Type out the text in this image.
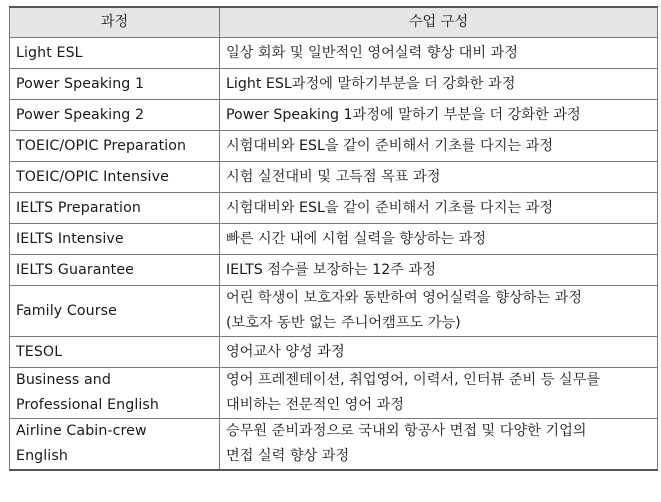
과정	수업 구성

Light ESL	일상 회화 및 일반적인 영어실력 향상 대비 과정

Power Speaking 1	Light ESL과정에 말하기부분을 더 강화한 과정

Power Speaking 2	Power Speaking 1과정에 말하기 부분을 더 강화한 과정

TOEIC/OPIC Preparation	시험대비와 ESL을 같이 준비해서 기초를 다지는 과정

TOEIC/OPIC Intensive	시험 실전대비 및 고득점 목표 과정

IELTS Preparation	시험대비와 ESL을 같이 준비해서 기초를 다지는 과정

IELTS Intensive	빠른 시간 내에 시험 실력을 향상하는 과정

IELTS Guarantee	IELTS 점수를 보장하는 12주 과정

Family Course	어린 학생이 보호자와 동반하여 영어실력을 향상하는 과정
(보호자 동반 없는 주니어캠프도 가능)

TESOL	영어교사 양성 과정

Business and
Professional English	영어 프레젠테이션, 취업영어, 이력서, 인터뷰 준비 등 실무를
대비하는 전문적인 영어 과정

Airline Cabin-crew
English	승무원 준비과정으로 국내외 항공사 면접 및 다양한 기업의
면접 실력 향상 과정
